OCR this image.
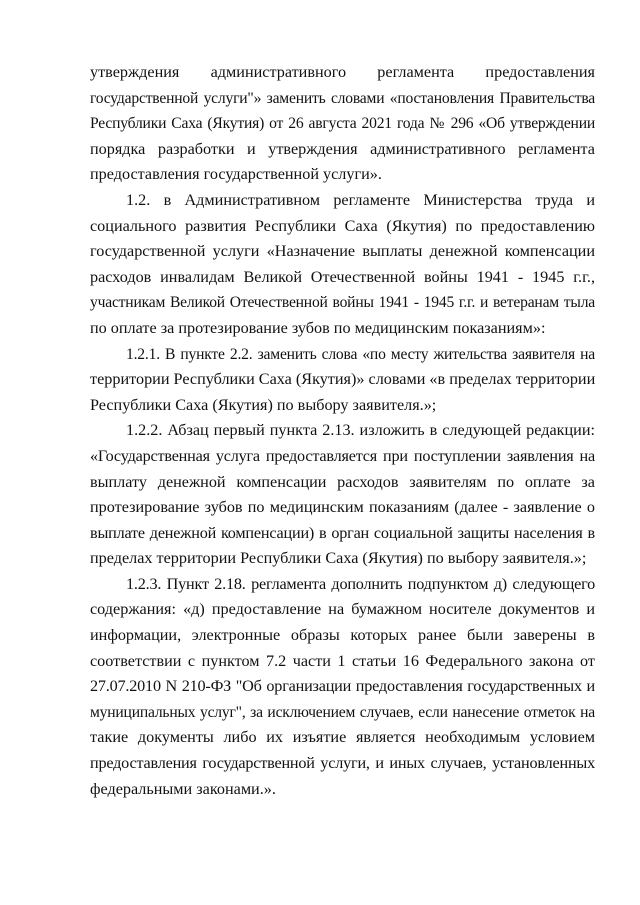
утверждения административного регламента предоставления
государственной услуги"» заменить словами «постановления Правительства
Республики Саха (Якутия) от 26 августа 2021 года № 296 «Об утверждении
порядка разработки и утверждения административного регламента
предоставления государственной услуги».

1.2. в Административном регламенте Министерства труда и
социального развития Республики Саха (Якутия) по предоставлению
государственной услуги «Назначение выплаты денежной компенсации
расходов инвалидам Великой Отечественной войны 1941 - 1945 г.г.,
участникам Великой Отечественной войны 1941 - 1945 г.г. и ветеранам тыла
по оплате за протезирование зубов по медицинским показаниям»:

1.2.1. В пункте 2.2. заменить слова «по месту жительства заявителя на
территории Республики Саха (Якутия)» словами «в пределах территории
Республики Саха (Якутия) по выбору заявителя.»;

1.2.2. Абзац первый пункта 2.13. изложить в следующей редакции:
«Государственная услуга предоставляется при поступлении заявления на
выплату денежной компенсации расходов заявителям по оплате за
протезирование зубов по медицинским показаниям (далее - заявление о
выплате денежной компенсации) в орган социальной защиты населения в
пределах территории Республики Саха (Якутия) по выбору заявителя.»;

1.2.3. Пункт 2.18. регламента дополнить подпунктом д) следующего
содержания: «д) предоставление на бумажном носителе документов и
информации, электронные образы которых ранее были заверены в
соответствии с пунктом 7.2 части 1 статьи 16 Федерального закона от
27.07.2010 N 210-ФЗ "Об организации предоставления государственных и
муниципальных услуг", за исключением случаев, если нанесение отметок на
такие документы либо их изъятие является необходимым условием
предоставления государственной услуги, и иных случаев, установленных
федеральными законами.».
